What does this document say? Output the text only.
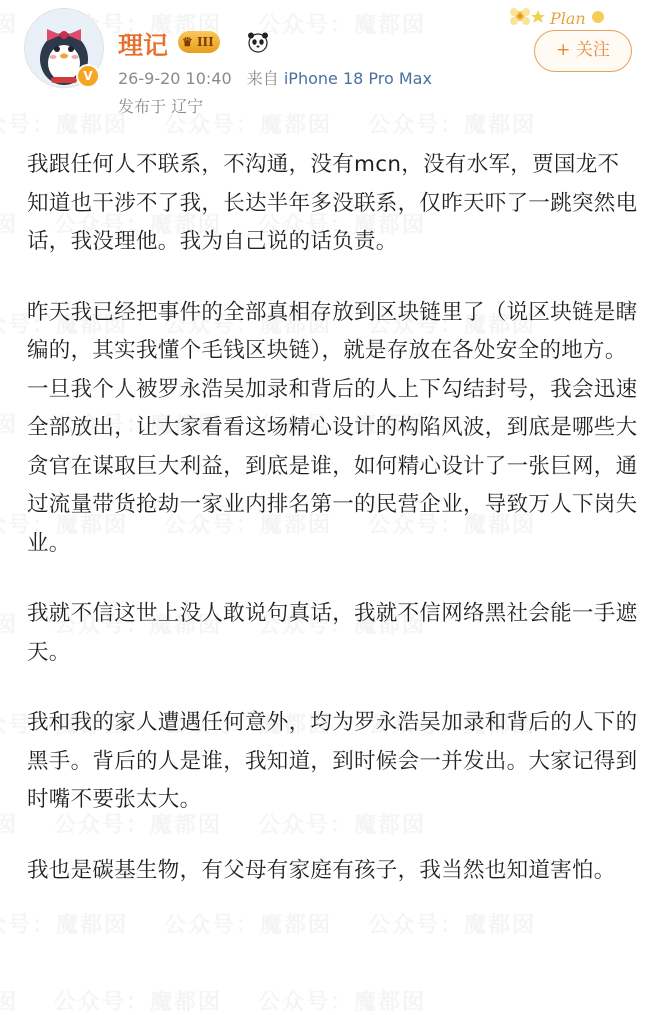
V
理记	♛ III
26-9-20 10:40 来自 iPhone 18 Pro Max
发布于 辽宁
Plan
+ 关注

我跟任何人不联系，不沟通，没有mcn，没有水军，贾国龙不知道也干涉不了我，长达半年多没联系，仅昨天吓了一跳突然电话，我没理他。我为自己说的话负责。

昨天我已经把事件的全部真相存放到区块链里了（说区块链是瞎编的，其实我懂个毛钱区块链），就是存放在各处安全的地方。一旦我个人被罗永浩吴加录和背后的人上下勾结封号，我会迅速全部放出，让大家看看这场精心设计的构陷风波，到底是哪些大贪官在谋取巨大利益，到底是谁，如何精心设计了一张巨网，通过流量带货抢劫一家业内排名第一的民营企业，导致万人下岗失业。

我就不信这世上没人敢说句真话，我就不信网络黑社会能一手遮天。

我和我的家人遭遇任何意外，均为罗永浩吴加录和背后的人下的黑手。背后的人是谁，我知道，到时候会一并发出。大家记得到时嘴不要张太大。

我也是碳基生物，有父母有家庭有孩子，我当然也知道害怕。
